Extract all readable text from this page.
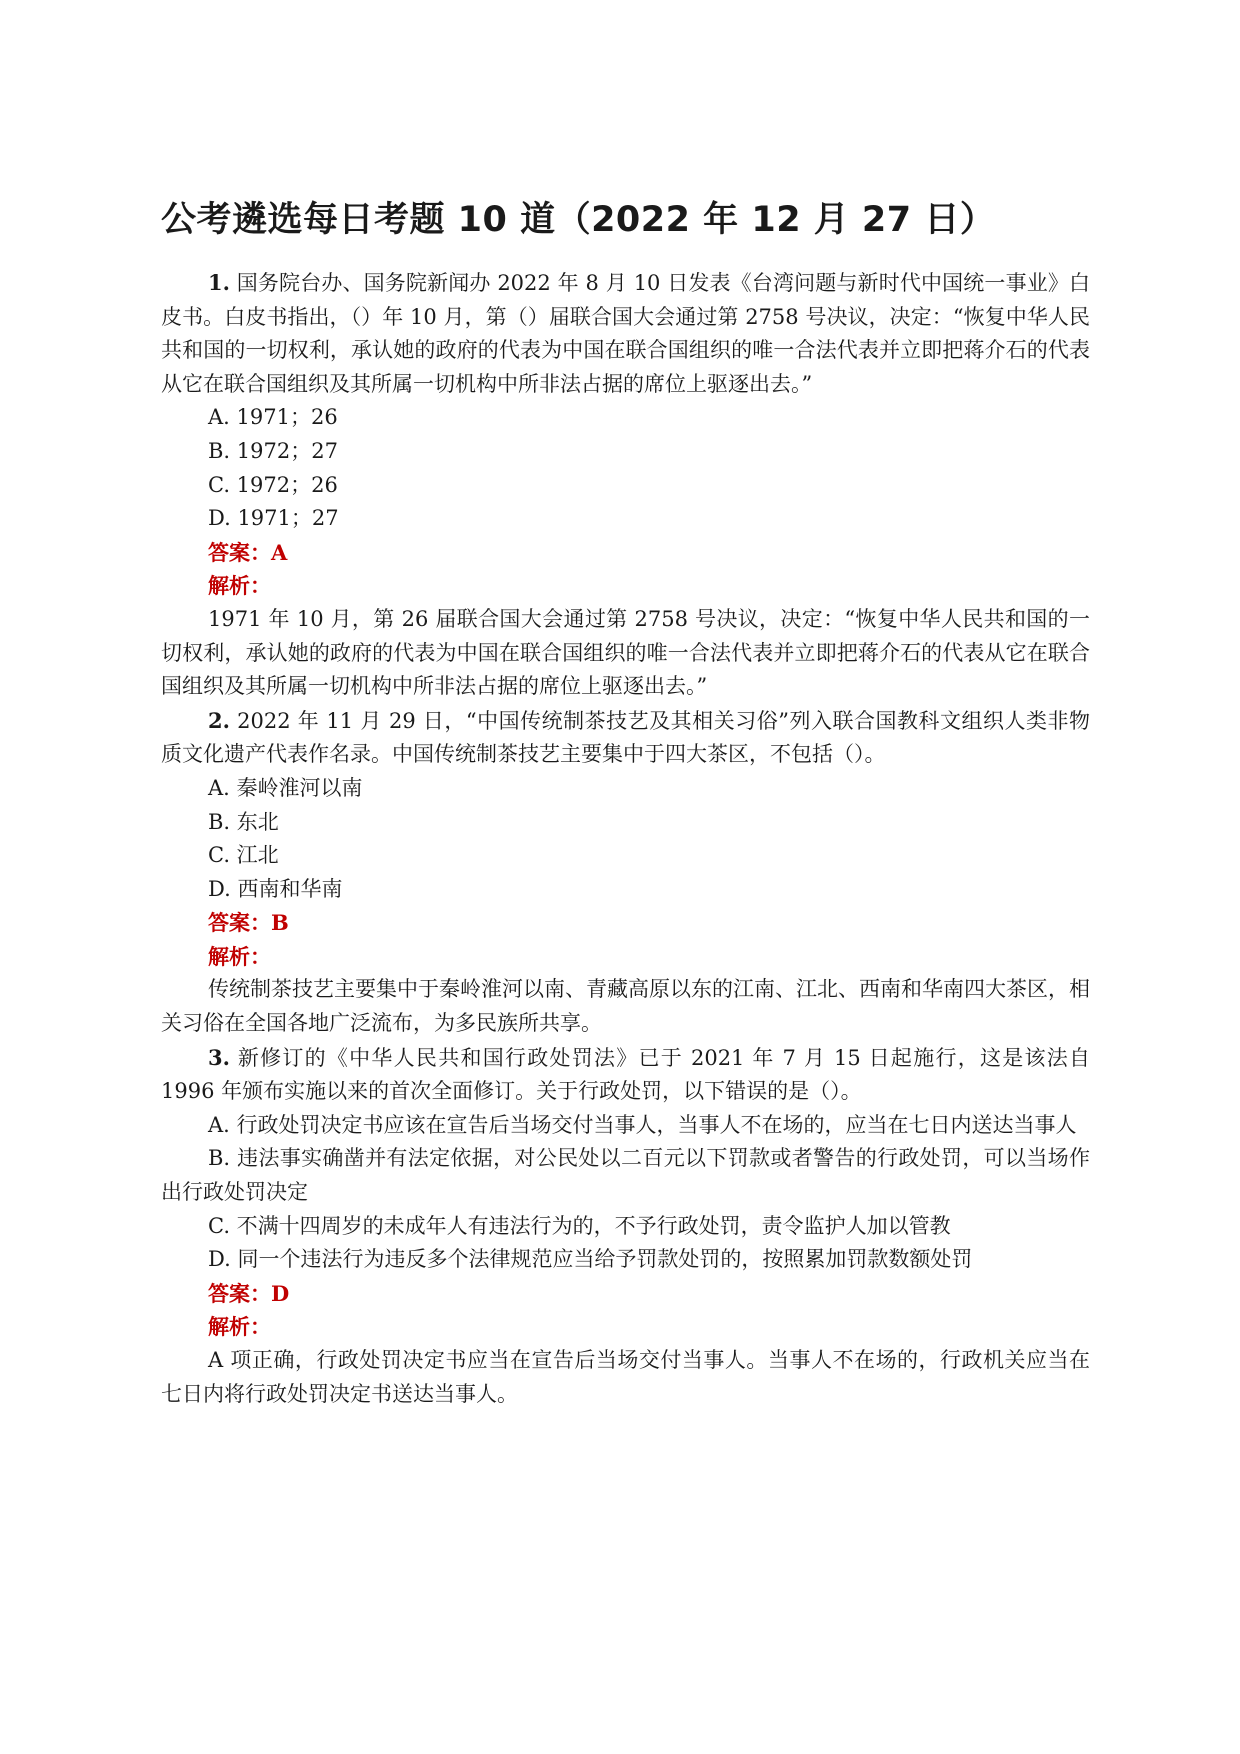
公考遴选每日考题 10 道（2022 年 12 月 27 日）

1. 国务院台办、国务院新闻办 2022 年 8 月 10 日发表《台湾问题与新时代中国统一事业》白皮书。白皮书指出，（）年 10 月，第（）届联合国大会通过第 2758 号决议，决定：“恢复中华人民共和国的一切权利，承认她的政府的代表为中国在联合国组织的唯一合法代表并立即把蒋介石的代表从它在联合国组织及其所属一切机构中所非法占据的席位上驱逐出去。”

A. 1971；26

B. 1972；27

C. 1972；26

D. 1971；27

答案：A

解析：

1971 年 10 月，第 26 届联合国大会通过第 2758 号决议，决定：“恢复中华人民共和国的一切权利，承认她的政府的代表为中国在联合国组织的唯一合法代表并立即把蒋介石的代表从它在联合国组织及其所属一切机构中所非法占据的席位上驱逐出去。”

2. 2022 年 11 月 29 日，“中国传统制茶技艺及其相关习俗”列入联合国教科文组织人类非物质文化遗产代表作名录。中国传统制茶技艺主要集中于四大茶区，不包括（）。

A. 秦岭淮河以南

B. 东北

C. 江北

D. 西南和华南

答案：B

解析：

传统制茶技艺主要集中于秦岭淮河以南、青藏高原以东的江南、江北、西南和华南四大茶区，相关习俗在全国各地广泛流布，为多民族所共享。

3. 新修订的《中华人民共和国行政处罚法》已于 2021 年 7 月 15 日起施行，这是该法自 1996 年颁布实施以来的首次全面修订。关于行政处罚，以下错误的是（）。

A. 行政处罚决定书应该在宣告后当场交付当事人，当事人不在场的，应当在七日内送达当事人

B. 违法事实确凿并有法定依据，对公民处以二百元以下罚款或者警告的行政处罚，可以当场作出行政处罚决定

C. 不满十四周岁的未成年人有违法行为的，不予行政处罚，责令监护人加以管教

D. 同一个违法行为违反多个法律规范应当给予罚款处罚的，按照累加罚款数额处罚

答案：D

解析：

A 项正确，行政处罚决定书应当在宣告后当场交付当事人。当事人不在场的，行政机关应当在七日内将行政处罚决定书送达当事人。
